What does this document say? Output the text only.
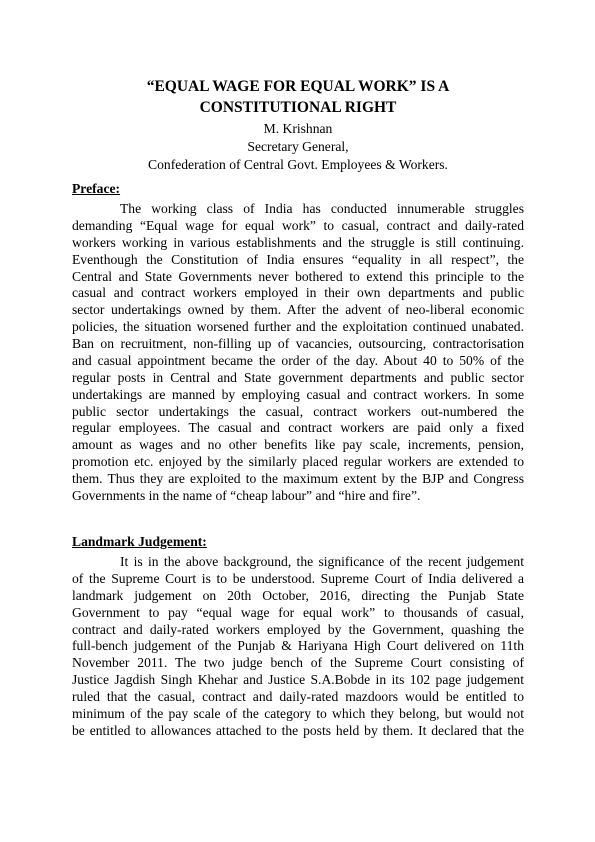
“EQUAL WAGE FOR EQUAL WORK” IS A
CONSTITUTIONAL RIGHT
M. Krishnan
Secretary General,
Confederation of Central Govt. Employees & Workers.
Preface:
The working class of India has conducted innumerable struggles
demanding “Equal wage for equal work” to casual, contract and daily-rated
workers working in various establishments and the struggle is still continuing.
Eventhough the Constitution of India ensures “equality in all respect”, the
Central and State Governments never bothered to extend this principle to the
casual and contract workers employed in their own departments and public
sector undertakings owned by them. After the advent of neo-liberal economic
policies, the situation worsened further and the exploitation continued unabated.
Ban on recruitment, non-filling up of vacancies, outsourcing, contractorisation
and casual appointment became the order of the day. About 40 to 50% of the
regular posts in Central and State government departments and public sector
undertakings are manned by employing casual and contract workers. In some
public sector undertakings the casual, contract workers out-numbered the
regular employees. The casual and contract workers are paid only a fixed
amount as wages and no other benefits like pay scale, increments, pension,
promotion etc. enjoyed by the similarly placed regular workers are extended to
them. Thus they are exploited to the maximum extent by the BJP and Congress
Governments in the name of “cheap labour” and “hire and fire”.
Landmark Judgement:
It is in the above background, the significance of the recent judgement
of the Supreme Court is to be understood. Supreme Court of India delivered a
landmark judgement on 20th October, 2016, directing the Punjab State
Government to pay “equal wage for equal work” to thousands of casual,
contract and daily-rated workers employed by the Government, quashing the
full-bench judgement of the Punjab & Hariyana High Court delivered on 11th
November 2011. The two judge bench of the Supreme Court consisting of
Justice Jagdish Singh Khehar and Justice S.A.Bobde in its 102 page judgement
ruled that the casual, contract and daily-rated mazdoors would be entitled to
minimum of the pay scale of the category to which they belong, but would not
be entitled to allowances attached to the posts held by them. It declared that the
